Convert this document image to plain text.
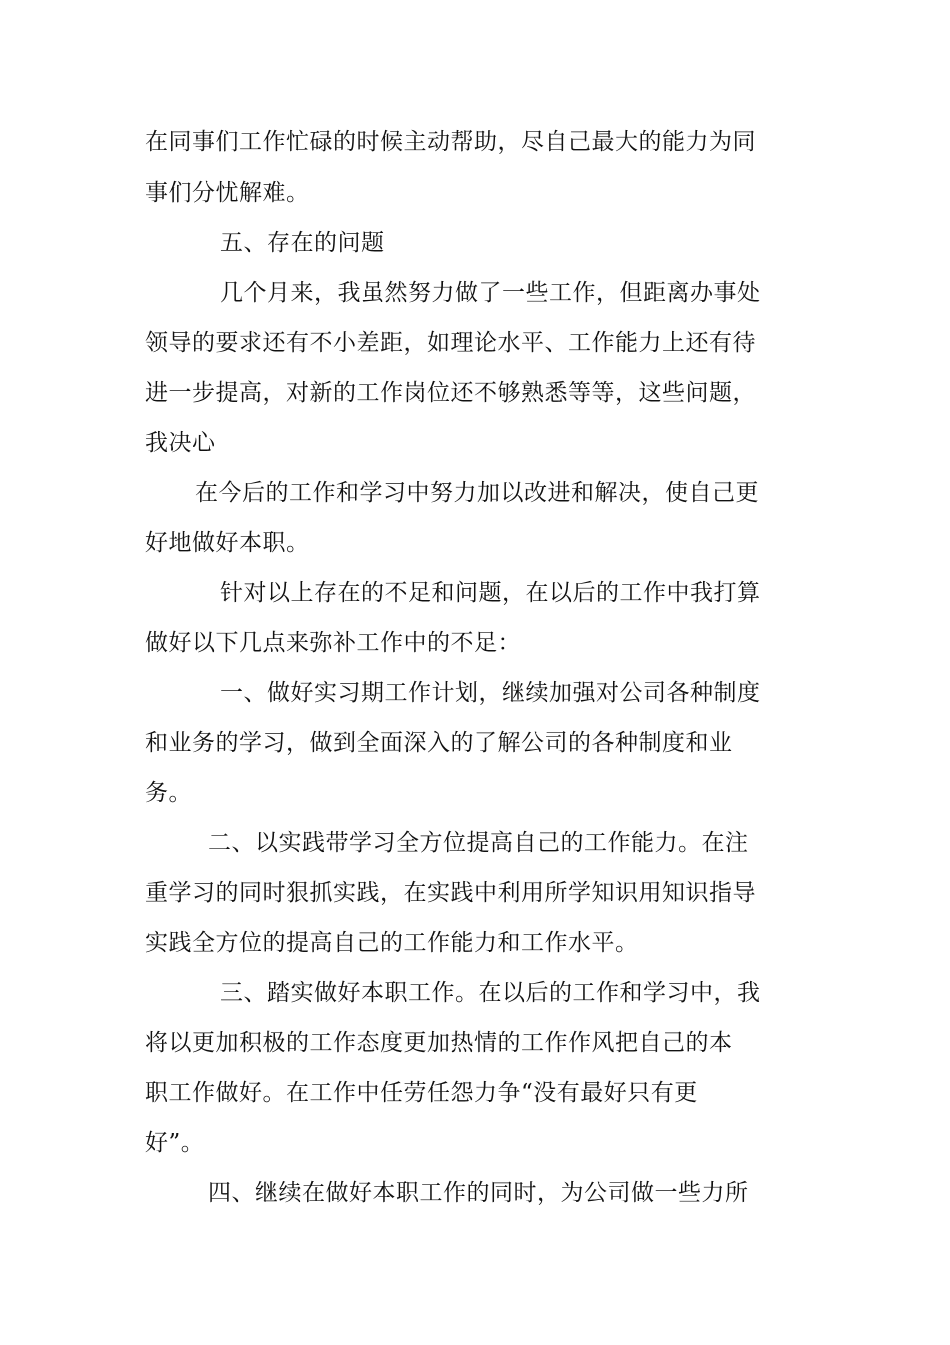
在同事们工作忙碌的时候主动帮助，尽自己最大的能力为同
事们分忧解难。
五、存在的问题
几个月来，我虽然努力做了一些工作，但距离办事处
领导的要求还有不小差距，如理论水平、工作能力上还有待
进一步提高，对新的工作岗位还不够熟悉等等，这些问题，
我决心
在今后的工作和学习中努力加以改进和解决，使自己更
好地做好本职。
针对以上存在的不足和问题，在以后的工作中我打算
做好以下几点来弥补工作中的不足：
一、做好实习期工作计划，继续加强对公司各种制度
和业务的学习，做到全面深入的了解公司的各种制度和业
务。
二、以实践带学习全方位提高自己的工作能力。在注
重学习的同时狠抓实践，在实践中利用所学知识用知识指导
实践全方位的提高自己的工作能力和工作水平。
三、踏实做好本职工作。在以后的工作和学习中，我
将以更加积极的工作态度更加热情的工作作风把自己的本
职工作做好。在工作中任劳任怨力争“没有最好只有更
好”。
四、继续在做好本职工作的同时，为公司做一些力所
